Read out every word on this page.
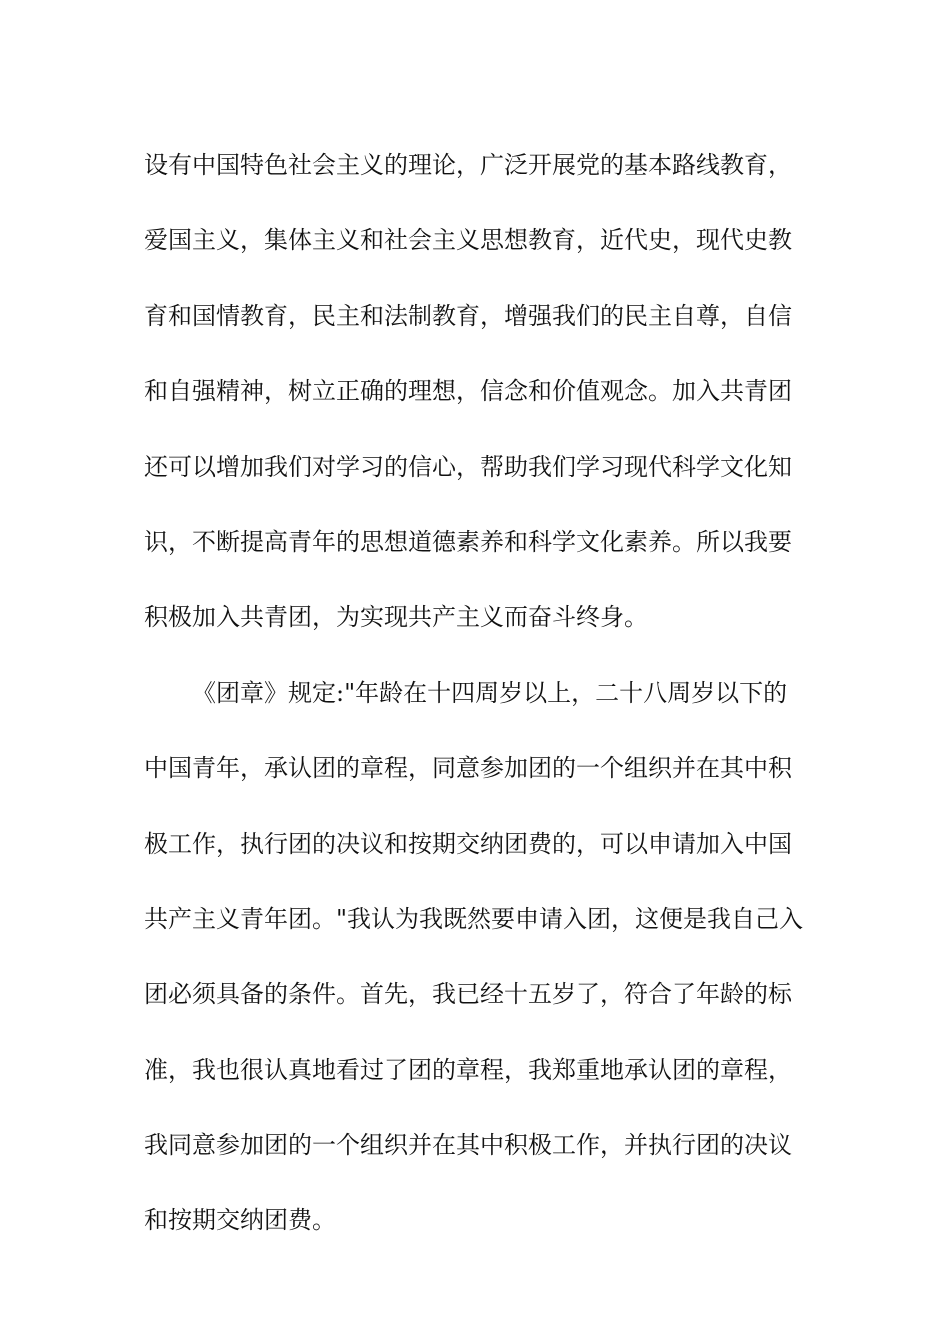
设有中国特色社会主义的理论，广泛开展党的基本路线教育，
爱国主义，集体主义和社会主义思想教育，近代史，现代史教
育和国情教育，民主和法制教育，增强我们的民主自尊，自信
和自强精神，树立正确的理想，信念和价值观念。加入共青团
还可以增加我们对学习的信心，帮助我们学习现代科学文化知
识，不断提高青年的思想道德素养和科学文化素养。所以我要
积极加入共青团，为实现共产主义而奋斗终身。
《团章》规定:"年龄在十四周岁以上，二十八周岁以下的
中国青年，承认团的章程，同意参加团的一个组织并在其中积
极工作，执行团的决议和按期交纳团费的，可以申请加入中国
共产主义青年团。"我认为我既然要申请入团，这便是我自己入
团必须具备的条件。首先，我已经十五岁了，符合了年龄的标
准，我也很认真地看过了团的章程，我郑重地承认团的章程，
我同意参加团的一个组织并在其中积极工作，并执行团的决议
和按期交纳团费。
